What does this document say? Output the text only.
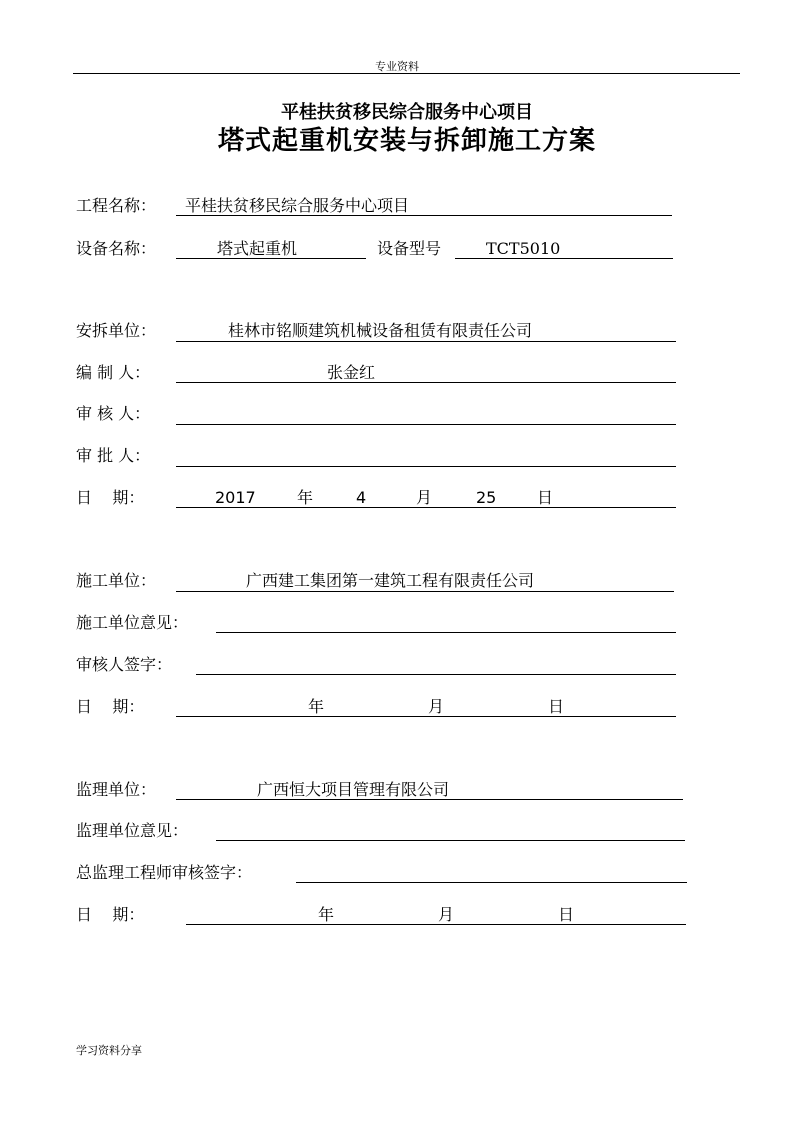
专业资料
平桂扶贫移民综合服务中心项目
塔式起重机安装与拆卸施工方案
工程名称： 平桂扶贫移民综合服务中心项目
设备名称：	塔式起重机	设备型号	TCT5010
安拆单位：	桂林市铭顺建筑机械设备租赁有限责任公司
编 制 人：	张金红
审 核 人：
审 批 人：
日    期：	2017	年	4	月	25	日
施工单位：	广西建工集团第一建筑工程有限责任公司
施工单位意见：
审核人签字：
日    期：	年	月	日
监理单位：	广西恒大项目管理有限公司
监理单位意见：
总监理工程师审核签字：
日    期：	年	月	日
学习资料分享
